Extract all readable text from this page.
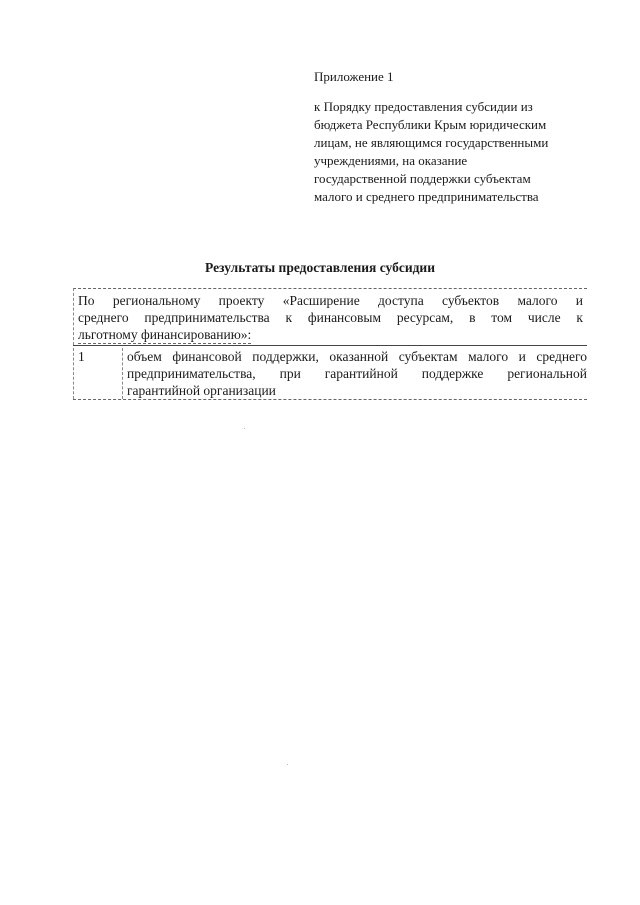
Приложение 1
к Порядку предоставления субсидии из
бюджета Республики Крым юридическим
лицам, не являющимся государственными
учреждениями, на оказание
государственной поддержки субъектам
малого и среднего предпринимательства
Результаты предоставления субсидии
По региональному проекту «Расширение доступа субъектов малого и
среднего предпринимательства к финансовым ресурсам, в том числе к
льготному финансированию»:
1	объем финансовой поддержки, оказанной субъектам малого и среднего
предпринимательства, при гарантийной поддержке региональной
гарантийной организации
